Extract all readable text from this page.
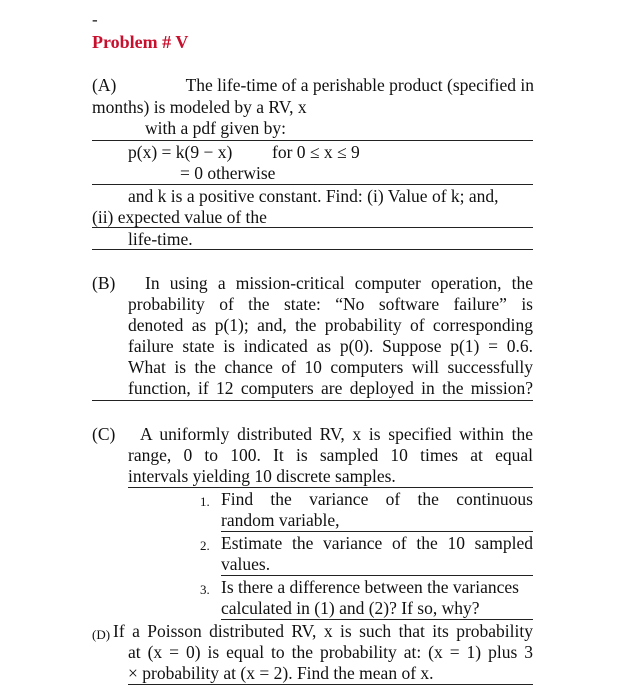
-
Problem # V
(A)	The life-time of a perishable product (specified in
months) is modeled by a RV, x
with a pdf given by:
p(x) = k(9 − x) for 0 ≤ x ≤ 9
= 0 otherwise
and k is a positive constant. Find: (i) Value of k; and,
(ii) expected value of the
life-time.
(B) In using a mission-critical computer operation, the
probability of the state: “No software failure” is
denoted as p(1); and, the probability of corresponding
failure state is indicated as p(0). Suppose p(1) = 0.6.
What is the chance of 10 computers will successfully
function, if 12 computers are deployed in the mission?
(C) A uniformly distributed RV, x is specified within the
range, 0 to 100. It is sampled 10 times at equal
intervals yielding 10 discrete samples.
1. Find the variance of the continuous
random variable,
2. Estimate the variance of the 10 sampled
values.
3. Is there a difference between the variances
calculated in (1) and (2)? If so, why?
(D) If a Poisson distributed RV, x is such that its probability
at (x = 0) is equal to the probability at: (x = 1) plus 3
× probability at (x = 2). Find the mean of x.
